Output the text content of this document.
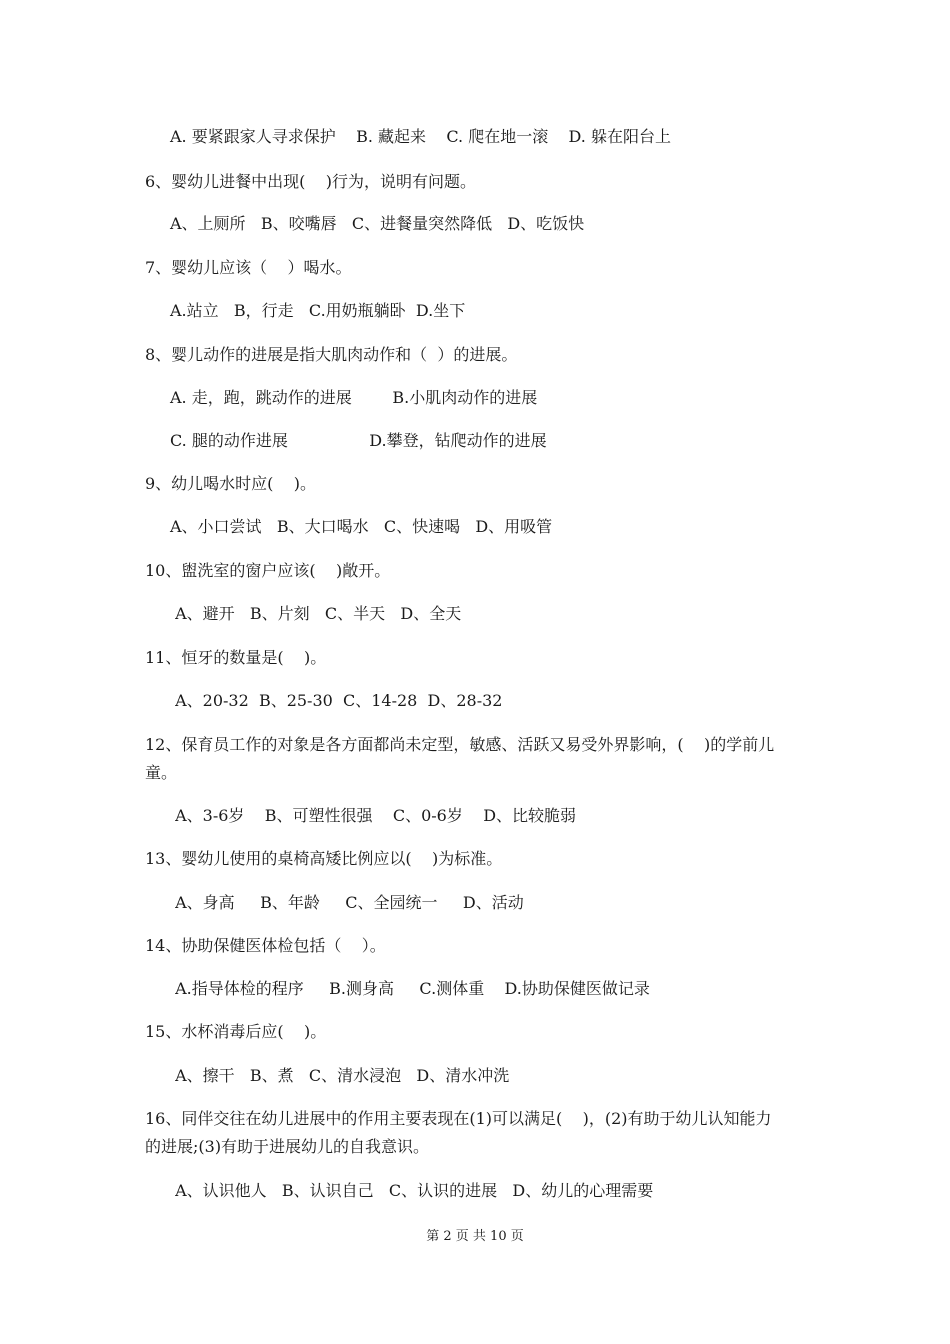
A. 要紧跟家人寻求保护    B. 藏起来    C. 爬在地一滚    D. 躲在阳台上
6、婴幼儿进餐中出现(    )行为，说明有问题。
A、上厕所   B、咬嘴唇   C、进餐量突然降低   D、吃饭快
7、婴幼儿应该（    ）喝水。
A.站立   B，行走   C.用奶瓶躺卧  D.坐下
8、婴儿动作的进展是指大肌肉动作和（  ）的进展。
A. 走，跑，跳动作的进展        B.小肌肉动作的进展
C. 腿的动作进展                D.攀登，钻爬动作的进展
9、幼儿喝水时应(    )。
A、小口尝试   B、大口喝水   C、快速喝   D、用吸管
10、盥洗室的窗户应该(    )敞开。
A、避开   B、片刻   C、半天   D、全天
11、恒牙的数量是(    )。
A、20-32  B、25-30  C、14-28  D、28-32
12、保育员工作的对象是各方面都尚未定型，敏感、活跃又易受外界影响，(    )的学前儿
童。
A、3-6岁    B、可塑性很强    C、0-6岁    D、比较脆弱
13、婴幼儿使用的桌椅高矮比例应以(    )为标准。
A、身高     B、年龄     C、全园统一     D、活动
14、协助保健医体检包括（    ）。
A.指导体检的程序     B.测身高     C.测体重    D.协助保健医做记录
15、水杯消毒后应(    )。
A、擦干   B、煮   C、清水浸泡   D、清水冲洗
16、同伴交往在幼儿进展中的作用主要表现在(1)可以满足(    )，(2)有助于幼儿认知能力
的进展;(3)有助于进展幼儿的自我意识。
A、认识他人   B、认识自己   C、认识的进展   D、幼儿的心理需要
第 2 页 共 10 页
